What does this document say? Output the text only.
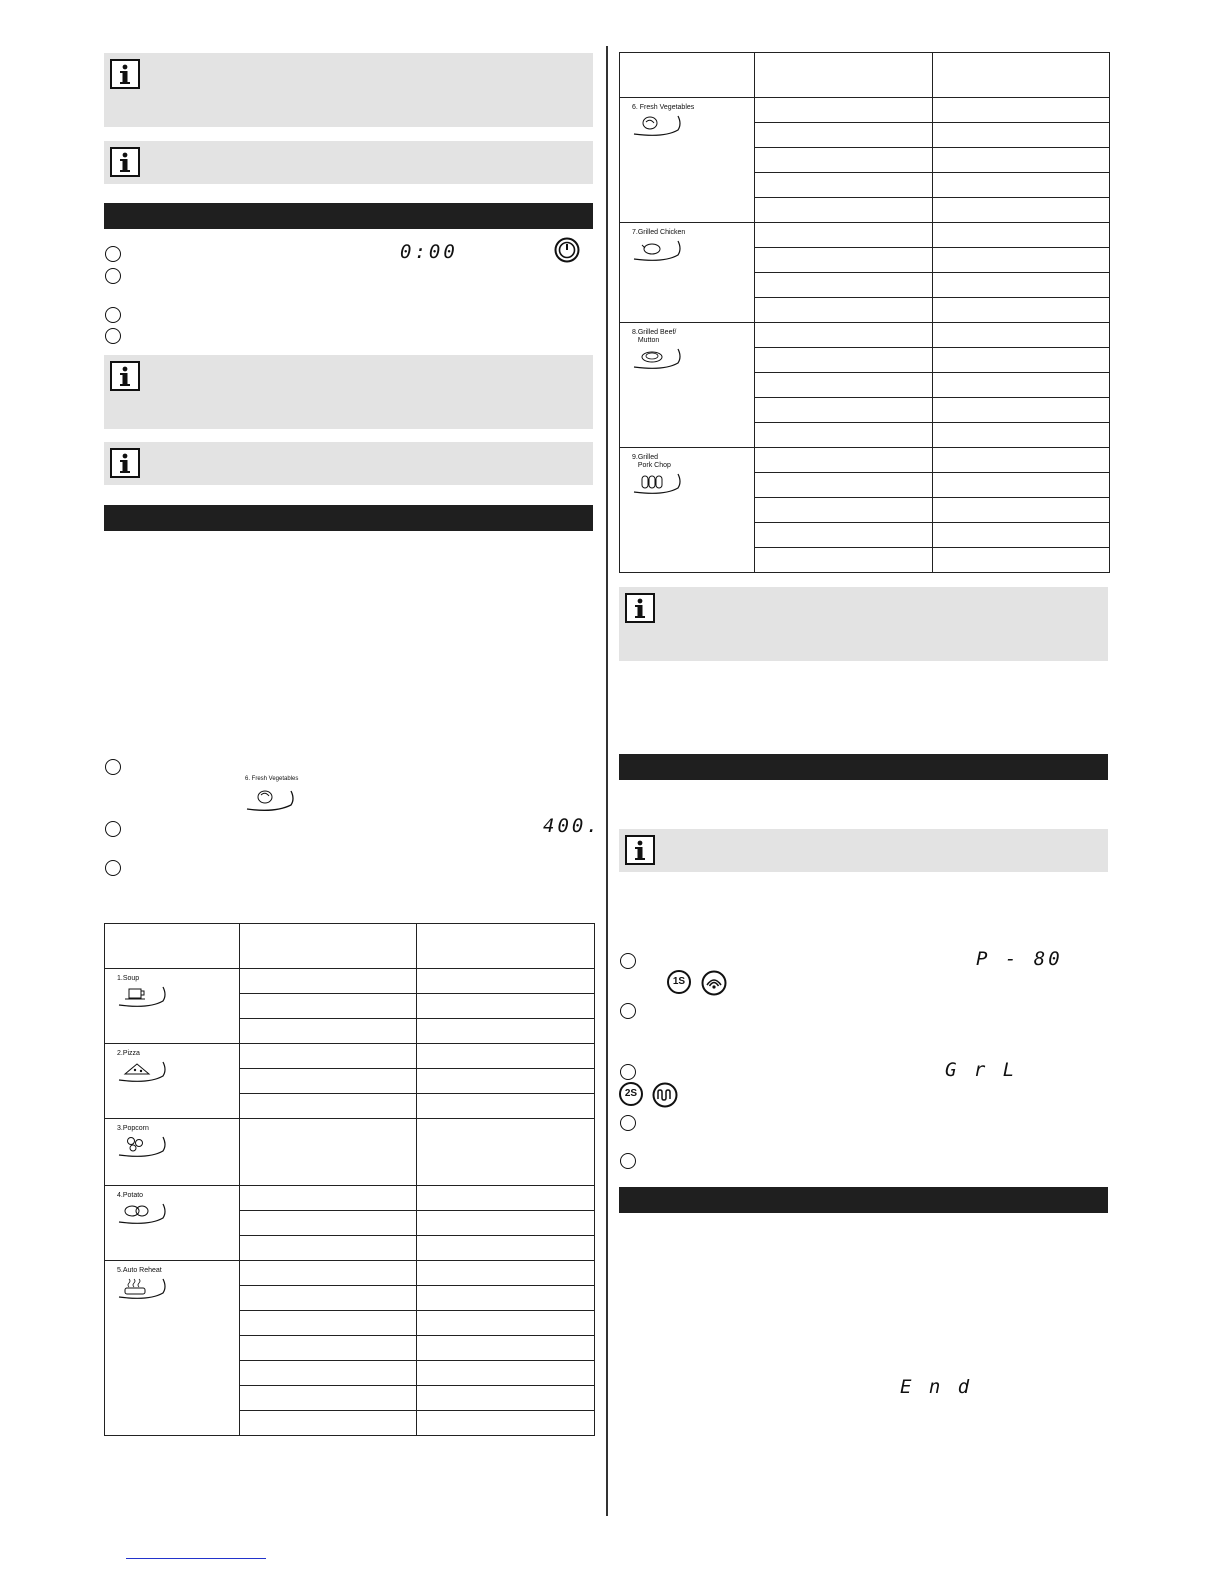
0:00
6. Fresh Vegetables
400.

1.Soup		

2.Pizza		

3.Popcorn		

4.Potato		

5.Auto Reheat		

6. Fresh Vegetables		

7.Grilled Chicken		

8.Grilled Beef/
Mutton		

9.Grilled
Pork Chop		

P - 80
1S
G r L
2S
E n d
